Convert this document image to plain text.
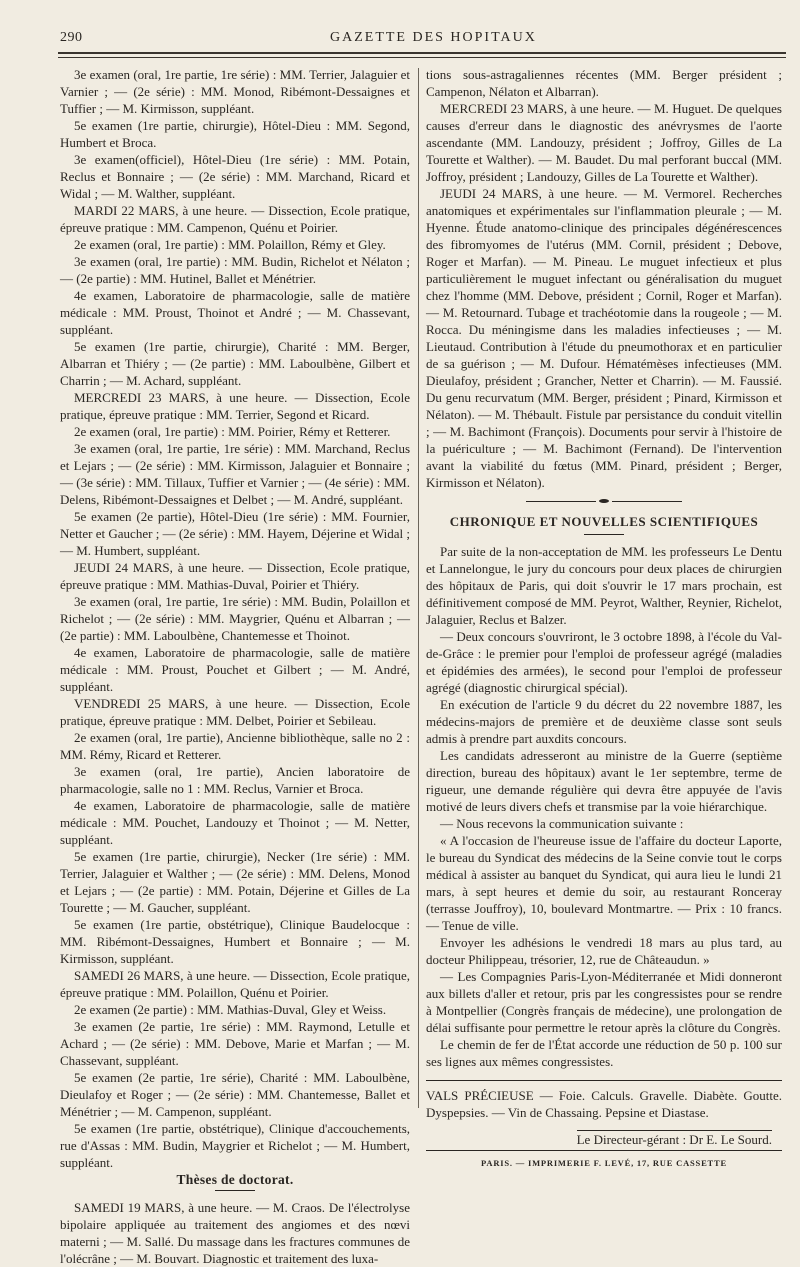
290	GAZETTE DES HOPITAUX

3e examen (oral, 1re partie, 1re série) : MM. Terrier, Jalaguier et Varnier ; — (2e série) : MM. Monod, Ribémont-Dessaignes et Tuffier ; — M. Kirmisson, suppléant.

5e examen (1re partie, chirurgie), Hôtel-Dieu : MM. Segond, Humbert et Broca.

3e examen(officiel), Hôtel-Dieu (1re série) : MM. Potain, Reclus et Bonnaire ; — (2e série) : MM. Marchand, Ricard et Widal ; — M. Walther, suppléant.

MARDI 22 MARS, à une heure. — Dissection, Ecole pratique, épreuve pratique : MM. Campenon, Quénu et Poirier.

2e examen (oral, 1re partie) : MM. Polaillon, Rémy et Gley.

3e examen (oral, 1re partie) : MM. Budin, Richelot et Nélaton ; — (2e partie) : MM. Hutinel, Ballet et Ménétrier.

4e examen, Laboratoire de pharmacologie, salle de matière médicale : MM. Proust, Thoinot et André ; — M. Chassevant, suppléant.

5e examen (1re partie, chirurgie), Charité : MM. Berger, Albarran et Thiéry ; — (2e partie) : MM. Laboulbène, Gilbert et Charrin ; — M. Achard, suppléant.

MERCREDI 23 MARS, à une heure. — Dissection, Ecole pratique, épreuve pratique : MM. Terrier, Segond et Ricard.

2e examen (oral, 1re partie) : MM. Poirier, Rémy et Retterer.

3e examen (oral, 1re partie, 1re série) : MM. Marchand, Reclus et Lejars ; — (2e série) : MM. Kirmisson, Jalaguier et Bonnaire ; — (3e série) : MM. Tillaux, Tuffier et Varnier ; — (4e série) : MM. Delens, Ribémont-Dessaignes et Delbet ; — M. André, suppléant.

5e examen (2e partie), Hôtel-Dieu (1re série) : MM. Fournier, Netter et Gaucher ; — (2e série) : MM. Hayem, Déjerine et Widal ; — M. Humbert, suppléant.

JEUDI 24 MARS, à une heure. — Dissection, Ecole pratique, épreuve pratique : MM. Mathias-Duval, Poirier et Thiéry.

3e examen (oral, 1re partie, 1re série) : MM. Budin, Polaillon et Richelot ; — (2e série) : MM. Maygrier, Quénu et Albarran ; — (2e partie) : MM. Laboulbène, Chantemesse et Thoinot.

4e examen, Laboratoire de pharmacologie, salle de matière médicale : MM. Proust, Pouchet et Gilbert ; — M. André, suppléant.

VENDREDI 25 MARS, à une heure. — Dissection, Ecole pratique, épreuve pratique : MM. Delbet, Poirier et Sebileau.

2e examen (oral, 1re partie), Ancienne bibliothèque, salle no 2 : MM. Rémy, Ricard et Retterer.

3e examen (oral, 1re partie), Ancien laboratoire de pharmacologie, salle no 1 : MM. Reclus, Varnier et Broca.

4e examen, Laboratoire de pharmacologie, salle de matière médicale : MM. Pouchet, Landouzy et Thoinot ; — M. Netter, suppléant.

5e examen (1re partie, chirurgie), Necker (1re série) : MM. Terrier, Jalaguier et Walther ; — (2e série) : MM. Delens, Monod et Lejars ; — (2e partie) : MM. Potain, Déjerine et Gilles de La Tourette ; — M. Gaucher, suppléant.

5e examen (1re partie, obstétrique), Clinique Baudelocque : MM. Ribémont-Dessaignes, Humbert et Bonnaire ; — M. Kirmisson, suppléant.

SAMEDI 26 MARS, à une heure. — Dissection, Ecole pratique, épreuve pratique : MM. Polaillon, Quénu et Poirier.

2e examen (2e partie) : MM. Mathias-Duval, Gley et Weiss.

3e examen (2e partie, 1re série) : MM. Raymond, Letulle et Achard ; — (2e série) : MM. Debove, Marie et Marfan ; — M. Chassevant, suppléant.

5e examen (2e partie, 1re série), Charité : MM. Laboulbène, Dieulafoy et Roger ; — (2e série) : MM. Chantemesse, Ballet et Ménétrier ; — M. Campenon, suppléant.

5e examen (1re partie, obstétrique), Clinique d'accouchements, rue d'Assas : MM. Budin, Maygrier et Richelot ; — M. Humbert, suppléant.

Thèses de doctorat.

SAMEDI 19 MARS, à une heure. — M. Craos. De l'électrolyse bipolaire appliquée au traitement des angiomes et des nœvi materni ; — M. Sallé. Du massage dans les fractures communes de l'olécrâne ; — M. Bouvart. Diagnostic et traitement des luxa-

tions sous-astragaliennes récentes (MM. Berger président ; Campenon, Nélaton et Albarran).

MERCREDI 23 MARS, à une heure. — M. Huguet. De quelques causes d'erreur dans le diagnostic des anévrysmes de l'aorte ascendante (MM. Landouzy, président ; Joffroy, Gilles de La Tourette et Walther). — M. Baudet. Du mal perforant buccal (MM. Joffroy, président ; Landouzy, Gilles de La Tourette et Walther).

JEUDI 24 MARS, à une heure. — M. Vermorel. Recherches anatomiques et expérimentales sur l'inflammation pleurale ; — M. Hyenne. Étude anatomo-clinique des principales dégénérescences des fibromyomes de l'utérus (MM. Cornil, président ; Debove, Roger et Marfan). — M. Pineau. Le muguet infectieux et plus particulièrement le muguet infectant ou généralisation du muguet chez l'homme (MM. Debove, président ; Cornil, Roger et Marfan). — M. Retournard. Tubage et trachéotomie dans la rougeole ; — M. Rocca. Du méningisme dans les maladies infectieuses ; — M. Lieutaud. Contribution à l'étude du pneumothorax et en particulier de sa guérison ; — M. Dufour. Hématémèses infectieuses (MM. Dieulafoy, président ; Grancher, Netter et Charrin). — M. Faussié. Du genu recurvatum (MM. Berger, président ; Pinard, Kirmisson et Nélaton). — M. Thébault. Fistule par persistance du conduit vitellin ; — M. Bachimont (François). Documents pour servir à l'histoire de la puériculture ; — M. Bachimont (Fernand). De l'intervention avant la viabilité du fœtus (MM. Pinard, président ; Berger, Kirmisson et Nélaton).

CHRONIQUE ET NOUVELLES SCIENTIFIQUES

Par suite de la non-acceptation de MM. les professeurs Le Dentu et Lannelongue, le jury du concours pour deux places de chirurgien des hôpitaux de Paris, qui doit s'ouvrir le 17 mars prochain, est définitivement composé de MM. Peyrot, Walther, Reynier, Richelot, Jalaguier, Reclus et Balzer.

— Deux concours s'ouvriront, le 3 octobre 1898, à l'école du Val-de-Grâce : le premier pour l'emploi de professeur agrégé (maladies et épidémies des armées), le second pour l'emploi de professeur agrégé (diagnostic chirurgical spécial).

En exécution de l'article 9 du décret du 22 novembre 1887, les médecins-majors de première et de deuxième classe sont seuls admis à prendre part auxdits concours.

Les candidats adresseront au ministre de la Guerre (septième direction, bureau des hôpitaux) avant le 1er septembre, terme de rigueur, une demande régulière qui devra être appuyée de l'avis motivé de leurs divers chefs et transmise par la voie hiérarchique.

— Nous recevons la communication suivante :

« A l'occasion de l'heureuse issue de l'affaire du docteur Laporte, le bureau du Syndicat des médecins de la Seine convie tout le corps médical à assister au banquet du Syndicat, qui aura lieu le lundi 21 mars, à sept heures et demie du soir, au restaurant Ronceray (terrasse Jouffroy), 10, boulevard Montmartre. — Prix : 10 francs. — Tenue de ville.

Envoyer les adhésions le vendredi 18 mars au plus tard, au docteur Philippeau, trésorier, 12, rue de Châteaudun. »

— Les Compagnies Paris-Lyon-Méditerranée et Midi donneront aux billets d'aller et retour, pris par les congressistes pour se rendre à Montpellier (Congrès français de médecine), une prolongation de délai suffisante pour permettre le retour après la clôture du Congrès.

Le chemin de fer de l'État accorde une réduction de 50 p. 100 sur ses lignes aux mêmes congressistes.

VALS PRÉCIEUSE — Foie. Calculs. Gravelle. Diabète. Goutte. Dyspepsies. — Vin de Chassaing. Pepsine et Diastase.

Le Directeur-gérant : Dr E. Le Sourd.
PARIS. — IMPRIMERIE F. LEVÉ, 17, RUE CASSETTE
